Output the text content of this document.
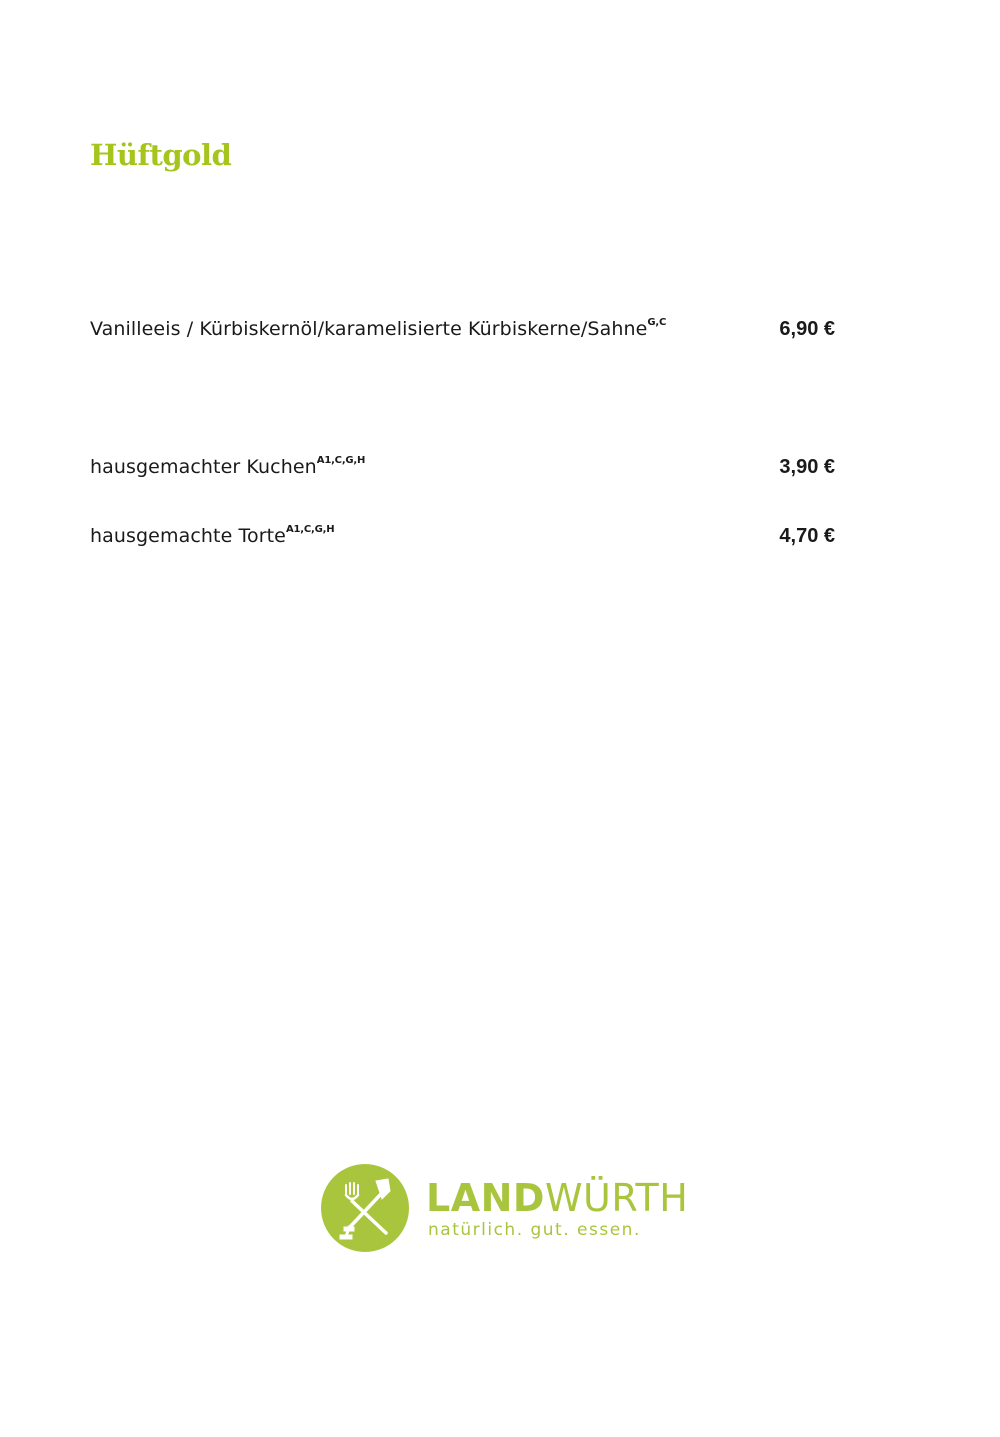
Hüftgold
Vanilleeis / Kürbiskernöl/karamelisierte Kürbiskerne/Sahne$^{G,C}$	6,90 €
hausgemachter Kuchen$^{A1,C,G,H}$	3,90 €
hausgemachte Torte$^{A1,C,G,H}$	4,70 €
LANDWÜRTH
natürlich. gut. essen.
